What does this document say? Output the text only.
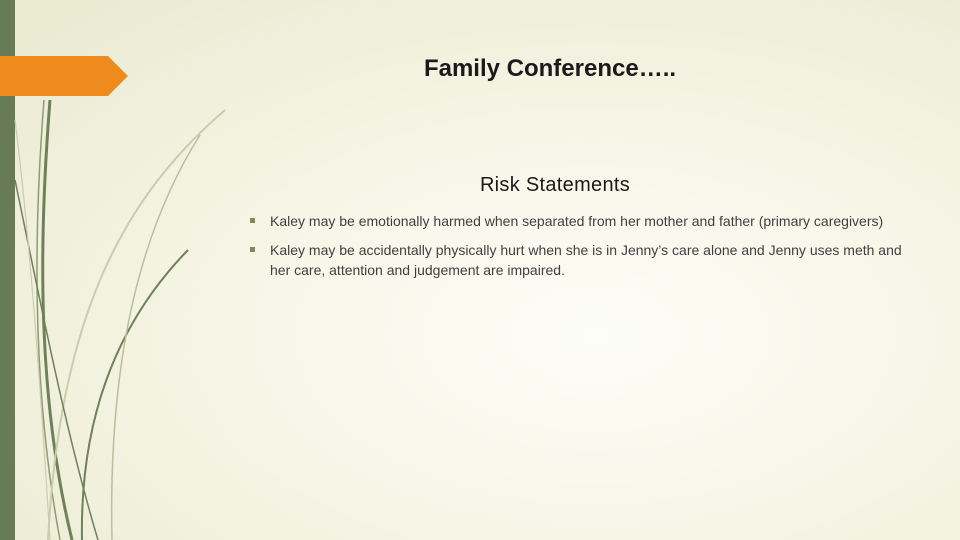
Family Conference…..
Risk Statements
Kaley may be emotionally harmed when separated from her mother and father (primary caregivers)
Kaley may be accidentally physically hurt when she is in Jenny’s care alone and Jenny uses meth and her care, attention and judgement are impaired.
